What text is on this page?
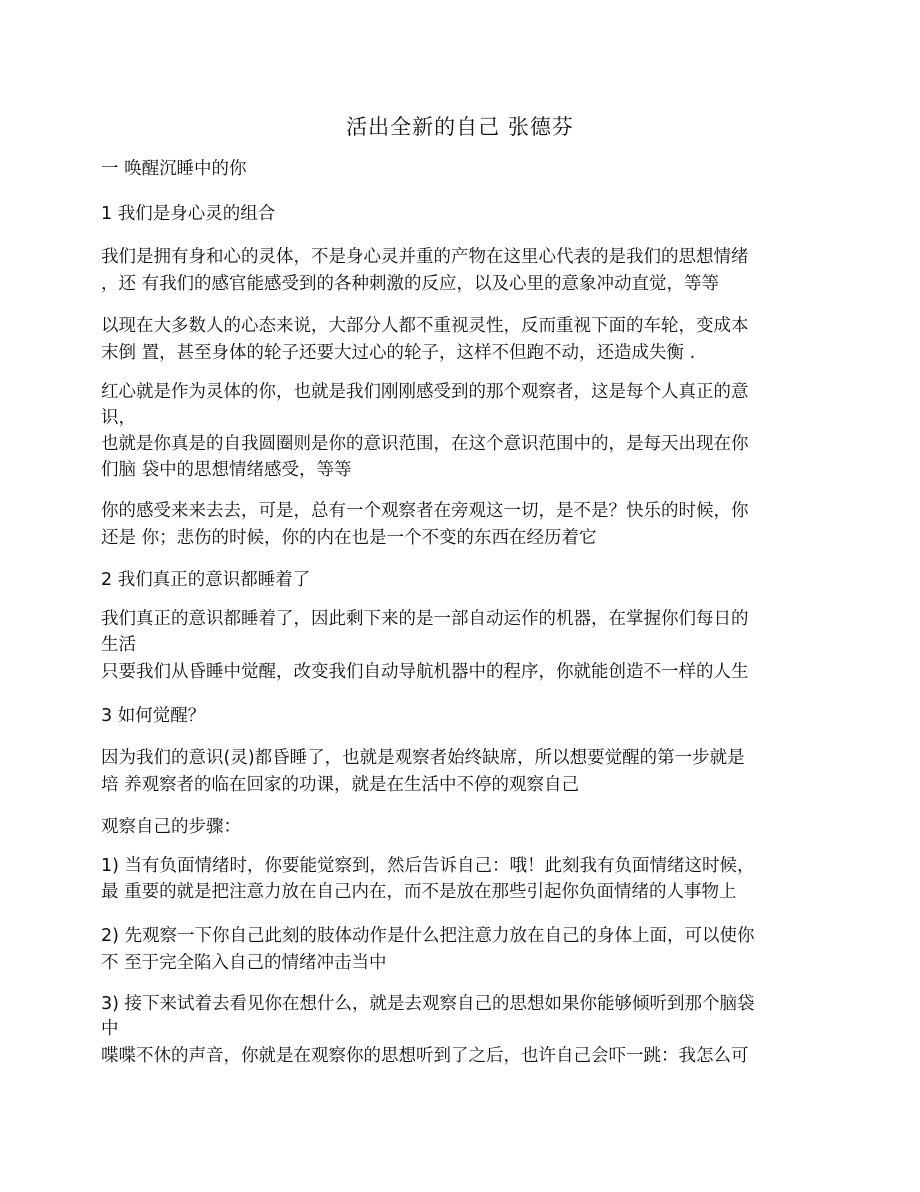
活出全新的自己 张德芬
一 唤醒沉睡中的你
1 我们是身心灵的组合
我们是拥有身和心的灵体，不是身心灵并重的产物在这里心代表的是我们的思想情绪
，还 有我们的感官能感受到的各种刺激的反应，以及心里的意象冲动直觉，等等
以现在大多数人的心态来说，大部分人都不重视灵性，反而重视下面的车轮，变成本
末倒 置，甚至身体的轮子还要大过心的轮子，这样不但跑不动，还造成失衡 .
红心就是作为灵体的你，也就是我们刚刚感受到的那个观察者，这是每个人真正的意
识，
也就是你真是的自我圆圈则是你的意识范围，在这个意识范围中的，是每天出现在你
们脑 袋中的思想情绪感受，等等
你的感受来来去去，可是，总有一个观察者在旁观这一切，是不是？快乐的时候，你
还是 你；悲伤的时候，你的内在也是一个不变的东西在经历着它
2 我们真正的意识都睡着了
我们真正的意识都睡着了，因此剩下来的是一部自动运作的机器，在掌握你们每日的
生活
只要我们从昏睡中觉醒，改变我们自动导航机器中的程序，你就能创造不一样的人生
3 如何觉醒？
因为我们的意识(灵)都昏睡了，也就是观察者始终缺席，所以想要觉醒的第一步就是
培 养观察者的临在回家的功课，就是在生活中不停的观察自己
观察自己的步骤：
1) 当有负面情绪时，你要能觉察到，然后告诉自己：哦！此刻我有负面情绪这时候，
最 重要的就是把注意力放在自己内在，而不是放在那些引起你负面情绪的人事物上
2) 先观察一下你自己此刻的肢体动作是什么把注意力放在自己的身体上面，可以使你
不 至于完全陷入自己的情绪冲击当中
3) 接下来试着去看见你在想什么，就是去观察自己的思想如果你能够倾听到那个脑袋
中
喋喋不休的声音，你就是在观察你的思想听到了之后，也许自己会吓一跳：我怎么可
